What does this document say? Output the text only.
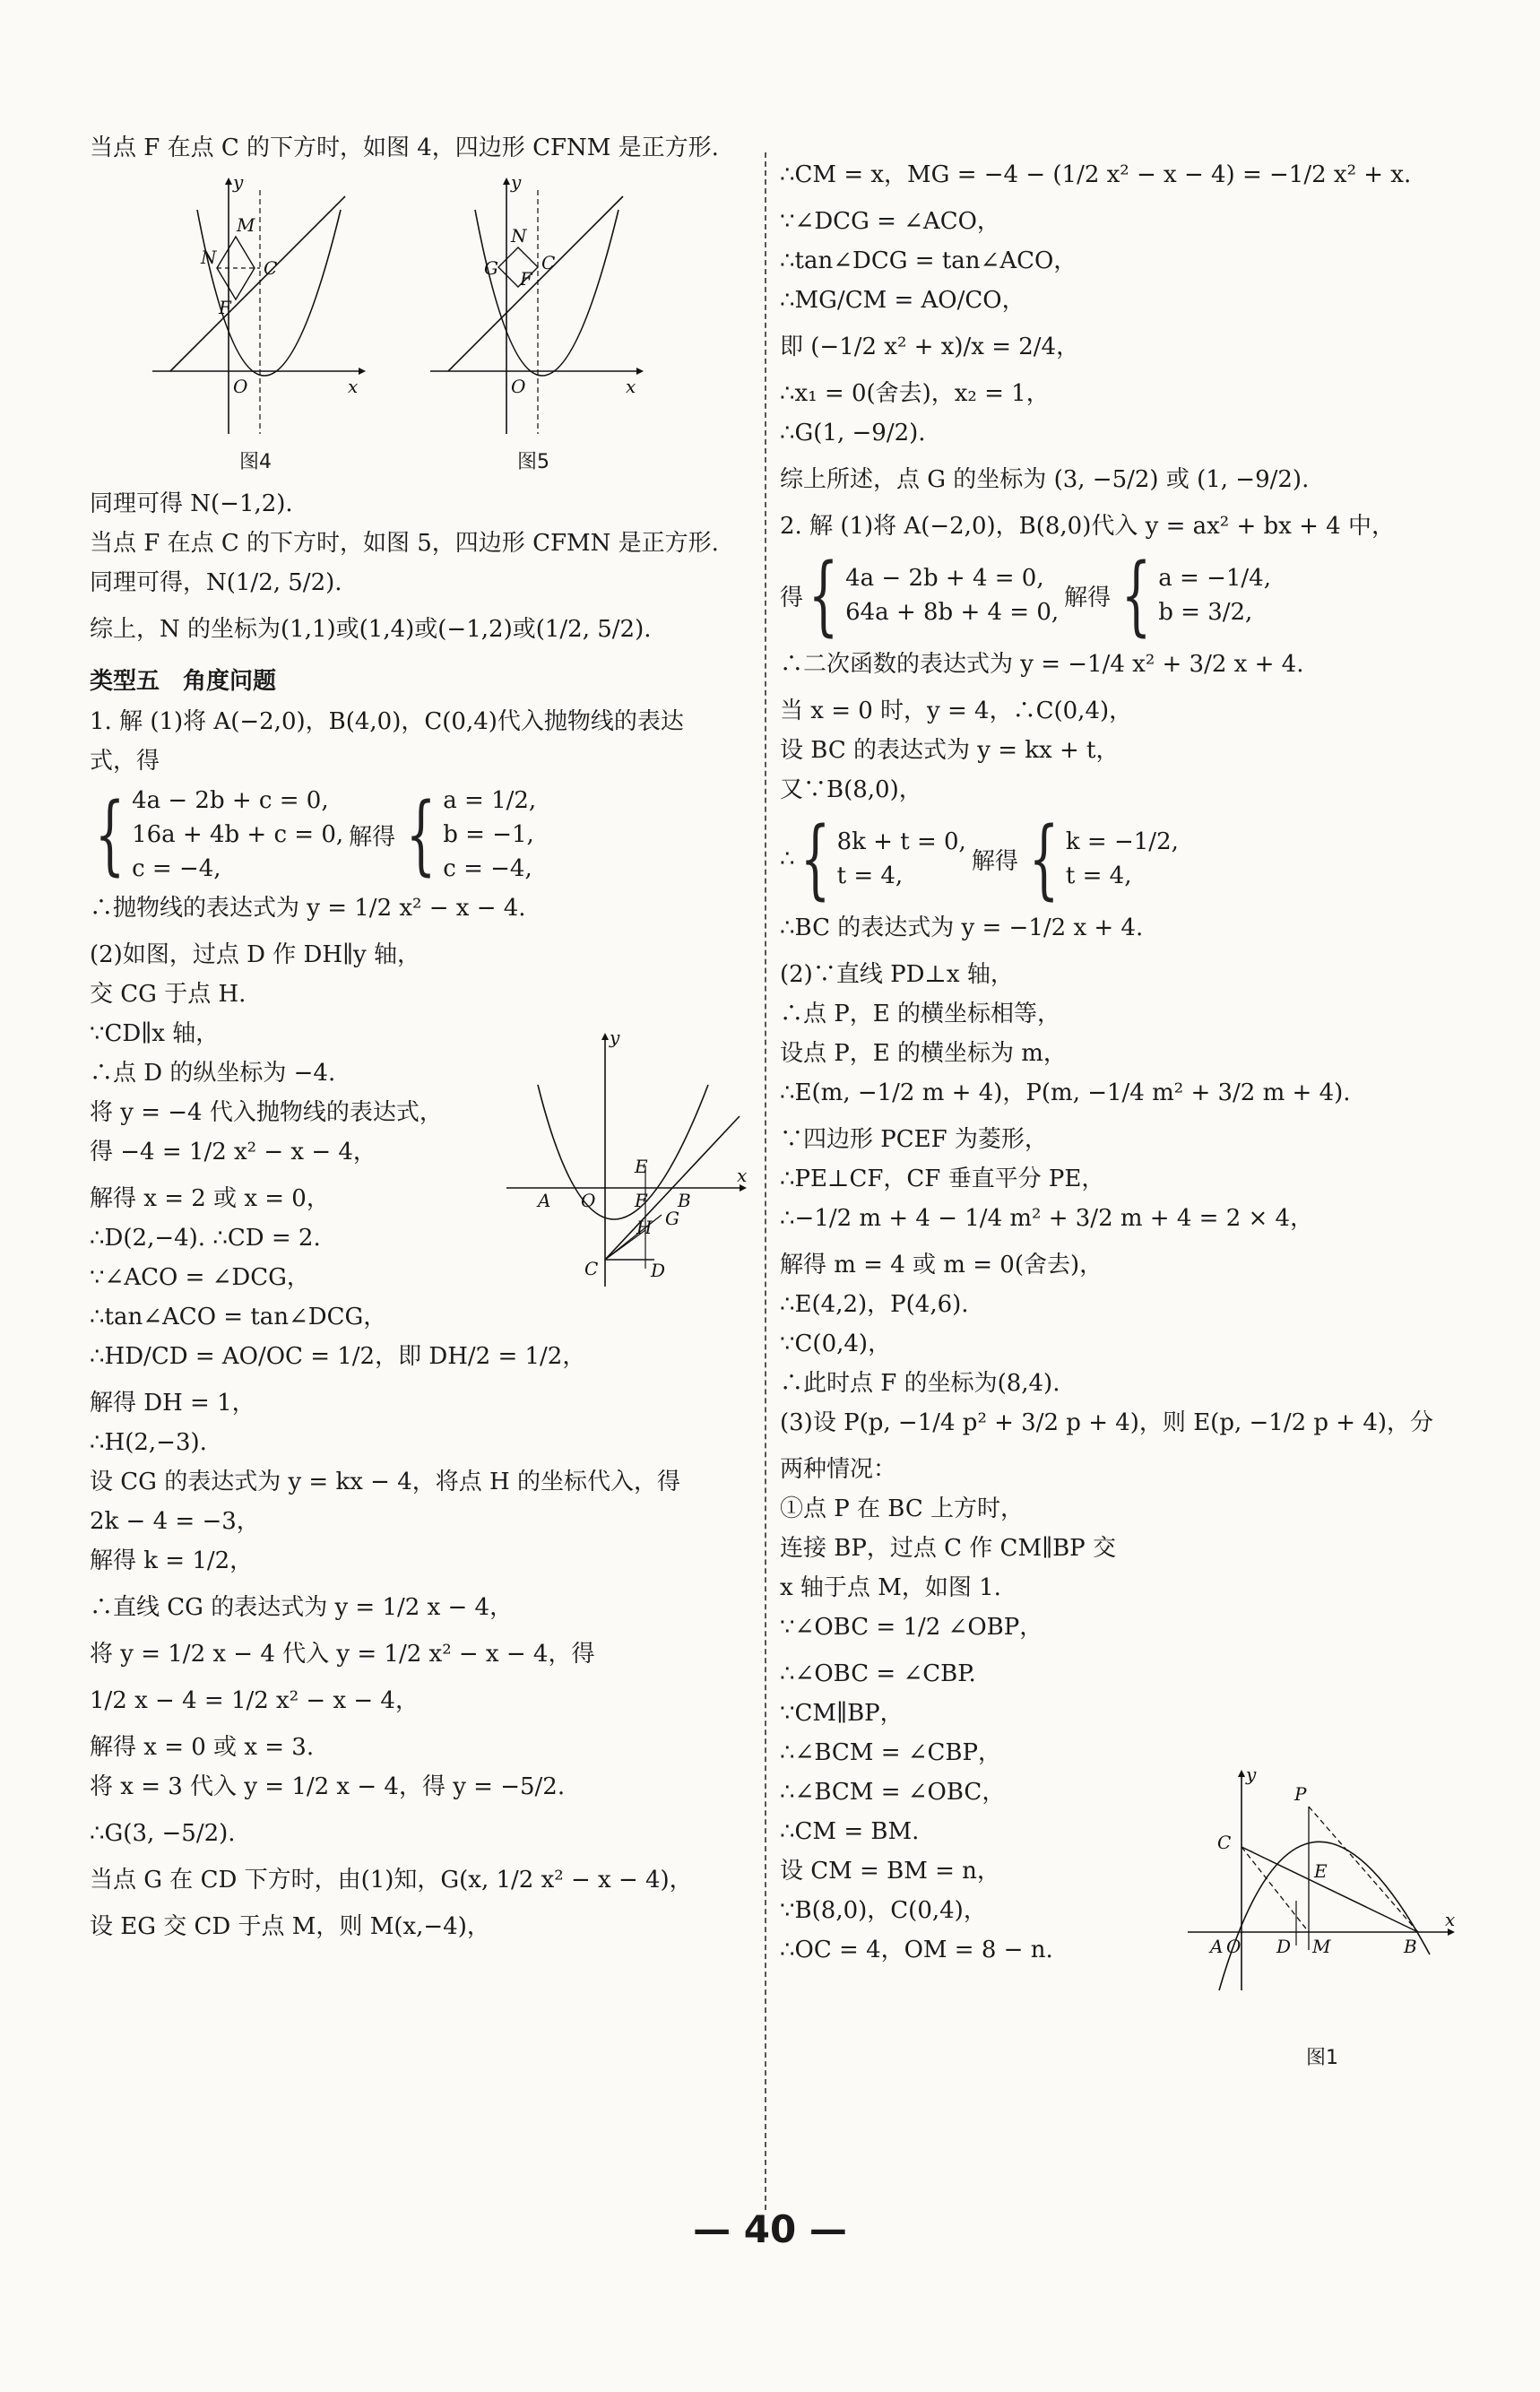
当点 F 在点 C 的下方时，如图 4，四边形 CFNM 是正方形.
y
x
O
M
N	C
F
图4
y
x
O
N
G F
C
图5
同理可得 N(−1,2).
当点 F 在点 C 的下方时，如图 5，四边形 CFMN 是正方形.
同理可得，N(1/2, 5/2).
综上，N 的坐标为(1,1)或(1,4)或(−1,2)或(1/2, 5/2).
类型五　角度问题
1. 解 (1)将 A(−2,0)，B(4,0)，C(0,4)代入抛物线的表达
式，得
{ 4a − 2b + c = 0,
16a + 4b + c = 0,
c = −4,
解得 { a = 1/2,
b = −1,
c = −4,
∴抛物线的表达式为 y = 1/2 x² − x − 4.
(2)如图，过点 D 作 DH∥y 轴，
交 CG 于点 H.
∵CD∥x 轴，
∴点 D 的纵坐标为 −4.
将 y = −4 代入抛物线的表达式，
得 −4 = 1/2 x² − x − 4，
解得 x = 2 或 x = 0，
∴D(2,−4). ∴CD = 2.
∵∠ACO = ∠DCG，
∴tan∠ACO = tan∠DCG，
∴HD/CD = AO/OC = 1/2，即 DH/2 = 1/2，
解得 DH = 1，
∴H(2,−3).
设 CG 的表达式为 y = kx − 4，将点 H 的坐标代入，得
2k − 4 = −3，
解得 k = 1/2，
∴直线 CG 的表达式为 y = 1/2 x − 4，
将 y = 1/2 x − 4 代入 y = 1/2 x² − x − 4，得
1/2 x − 4 = 1/2 x² − x − 4，
解得 x = 0 或 x = 3.
将 x = 3 代入 y = 1/2 x − 4，得 y = −5/2.
∴G(3, −5/2).
当点 G 在 CD 下方时，由(1)知，G(x, 1/2 x² − x − 4)，
设 EG 交 CD 于点 M，则 M(x,−4)，
y
x
A O
E
F B
H G
C	D
∴CM = x，MG = −4 − (1/2 x² − x − 4) = −1/2 x² + x.
∵∠DCG = ∠ACO，
∴tan∠DCG = tan∠ACO，
∴MG/CM = AO/CO，
即 (−1/2 x² + x)/x = 2/4，
∴x₁ = 0(舍去)，x₂ = 1，
∴G(1, −9/2).
综上所述，点 G 的坐标为 (3, −5/2) 或 (1, −9/2).
2. 解 (1)将 A(−2,0)，B(8,0)代入 y = ax² + bx + 4 中，
得 { 4a − 2b + 4 = 0,
64a + 8b + 4 = 0,
解得 { a = −1/4,
b = 3/2,
∴二次函数的表达式为 y = −1/4 x² + 3/2 x + 4.
当 x = 0 时，y = 4，∴C(0,4)，
设 BC 的表达式为 y = kx + t，
又∵B(8,0)，
∴ { 8k + t = 0,
t = 4,
解得 { k = −1/2,
t = 4,
∴BC 的表达式为 y = −1/2 x + 4.
(2)∵直线 PD⊥x 轴，
∴点 P，E 的横坐标相等，
设点 P，E 的横坐标为 m，
∴E(m, −1/2 m + 4)，P(m, −1/4 m² + 3/2 m + 4).
∵四边形 PCEF 为菱形，
∴PE⊥CF，CF 垂直平分 PE，
∴−1/2 m + 4 − 1/4 m² + 3/2 m + 4 = 2 × 4，
解得 m = 4 或 m = 0(舍去)，
∴E(4,2)，P(4,6).
∵C(0,4)，
∴此时点 F 的坐标为(8,4).
(3)设 P(p, −1/4 p² + 3/2 p + 4)，则 E(p, −1/2 p + 4)，分
两种情况：
①点 P 在 BC 上方时，
连接 BP，过点 C 作 CM∥BP 交
x 轴于点 M，如图 1.
∵∠OBC = 1/2 ∠OBP，
∴∠OBC = ∠CBP.
∵CM∥BP，
∴∠BCM = ∠CBP，
∴∠BCM = ∠OBC，
∴CM = BM.
设 CM = BM = n，
∵B(8,0)，C(0,4)，
∴OC = 4，OM = 8 − n.
y
x
P
C
E
A O D M	B
图1
— 40 —
